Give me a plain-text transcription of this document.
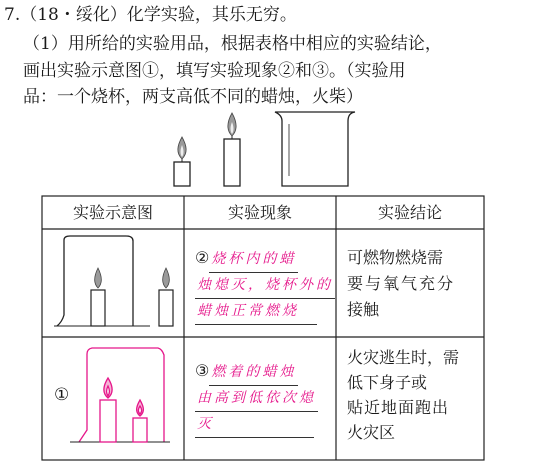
7.（18・绥化）化学实验，其乐无穷。
（1）用所给的实验用品，根据表格中相应的实验结论，
画出实验示意图①，填写实验现象②和③。（实验用
品：一个烧杯，两支高低不同的蜡烛，火柴）
实验示意图	实验现象	实验结论
② 烧杯内的蜡
烛熄灭，烧杯外的
蜡烛正常燃烧
可燃物燃烧需
要与氧气充分
接触
①
③ 燃着的蜡烛
由高到低依次熄
灭
火灾逃生时，需
低下身子或
贴近地面跑出
火灾区
